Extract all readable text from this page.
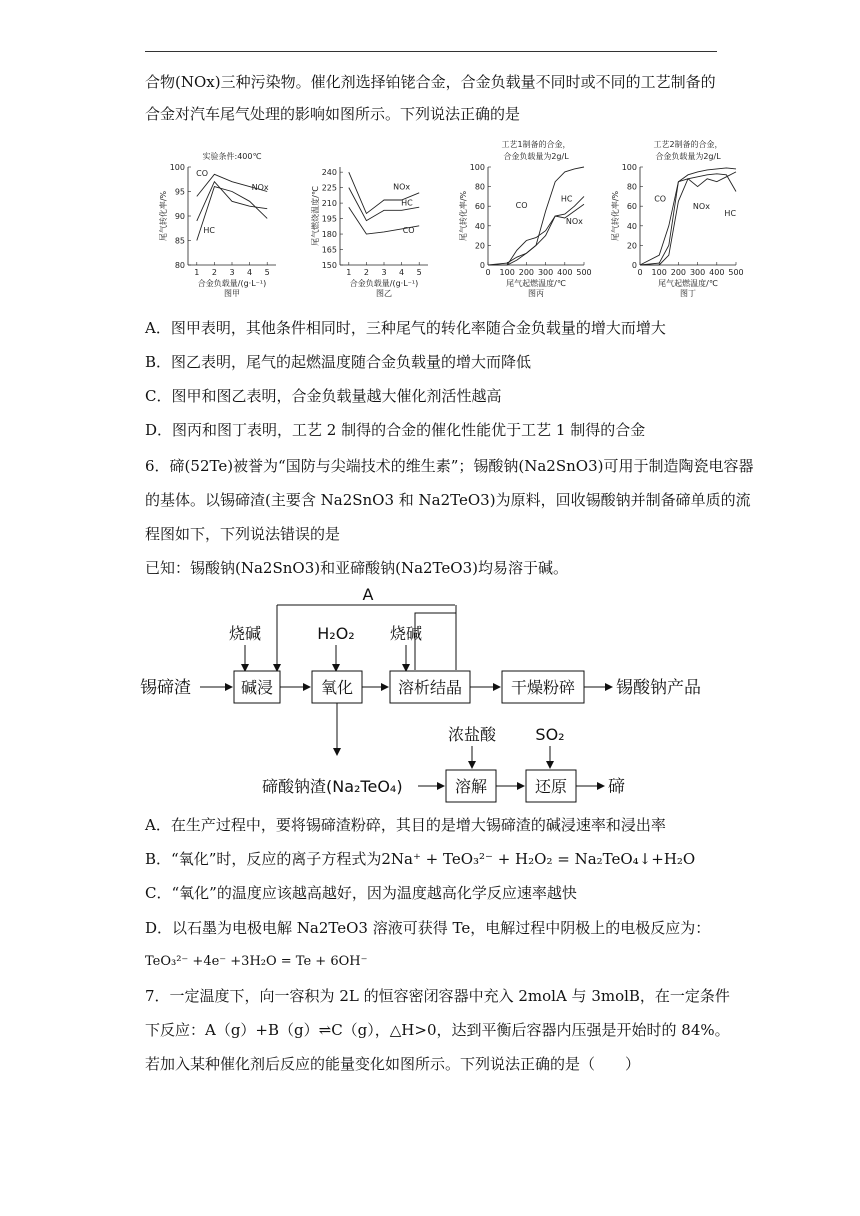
合物(NOx)三种污染物。催化剂选择铂铑合金，合金负载量不同时或不同的工艺制备的
合金对汽车尾气处理的影响如图所示。下列说法正确的是
实验条件:400℃
80
85
90
95
100
1 2 3 4 5
合金负载量/(g·L⁻¹)
尾气转化率/%
图甲
CO
NOx
HC
150
165
180
195
210
225
240
1 2 3 4 5
合金负载量/(g·L⁻¹)
尾气燃烧温度/℃
图乙
NOx
HC
CO
工艺1制备的合金，
合金负载量为2g/L
0
20
40
60
80
100
0 100 200 300 400 500
尾气起燃温度/℃
尾气转化率/%
图丙
CO
HC
NOx
工艺2制备的合金，
合金负载量为2g/L
0
20
40
60
80
100
0 100 200 300 400 500
尾气起燃温度/℃
尾气转化率/%
图丁
CO
NOx
HC
A．图甲表明，其他条件相同时，三种尾气的转化率随合金负载量的增大而增大
B．图乙表明，尾气的起燃温度随合金负载量的增大而降低
C．图甲和图乙表明，合金负载量越大催化剂活性越高
D．图丙和图丁表明，工艺 2 制得的合金的催化性能优于工艺 1 制得的合金
6．碲(52Te)被誉为“国防与尖端技术的维生素”；锡酸钠(Na2SnO3)可用于制造陶瓷电容器
的基体。以锡碲渣(主要含 Na2SnO3 和 Na2TeO3)为原料，回收锡酸钠并制备碲单质的流
程图如下，下列说法错误的是
已知：锡酸钠(Na2SnO3)和亚碲酸钠(Na2TeO3)均易溶于碱。
A
烧碱	H₂O₂ 烧碱
锡碲渣	碱浸	氧化	溶析结晶	干燥粉碎 锡酸钠产品
浓盐酸 SO₂
碲酸钠渣(Na₂TeO₄)	溶解	还原 碲
A．在生产过程中，要将锡碲渣粉碎，其目的是增大锡碲渣的碱浸速率和浸出率
B．“氧化”时，反应的离子方程式为2Na⁺ + TeO₃²⁻ + H₂O₂ = Na₂TeO₄↓+H₂O
C．“氧化”的温度应该越高越好，因为温度越高化学反应速率越快
D．以石墨为电极电解 Na2TeO3 溶液可获得 Te，电解过程中阴极上的电极反应为：
TeO₃²⁻ +4e⁻ +3H₂O = Te + 6OH⁻
7．一定温度下，向一容积为 2L 的恒容密闭容器中充入 2molA 与 3molB，在一定条件
下反应：A（g）+B（g）⇌C（g），△H>0，达到平衡后容器内压强是开始时的 84%。
若加入某种催化剂后反应的能量变化如图所示。下列说法正确的是（　　）
